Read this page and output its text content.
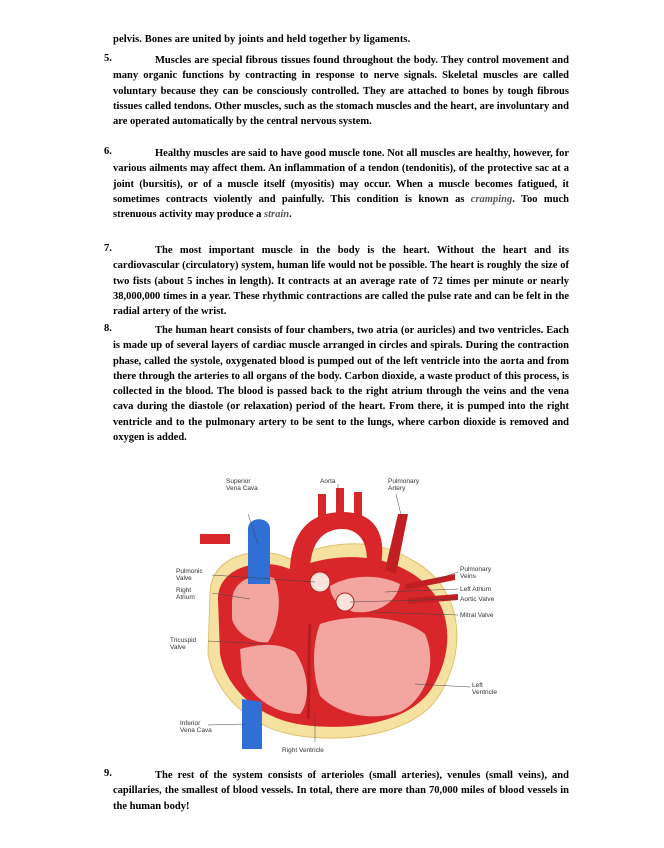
pelvis. Bones are united by joints and held together by ligaments.
5.	Muscles are special fibrous tissues found throughout the body. They control movement and many organic functions by contracting in response to nerve signals. Skeletal muscles are called voluntary because they can be consciously controlled. They are attached to bones by tough fibrous tissues called tendons. Other muscles, such as the stomach muscles and the heart, are involuntary and are operated automatically by the central nervous system.

6.	Healthy muscles are said to have good muscle tone. Not all muscles are healthy, however, for various ailments may affect them. An inflammation of a tendon (tendonitis), of the protective sac at a joint (bursitis), or of a muscle itself (myositis) may occur. When a muscle becomes fatigued, it sometimes contracts violently and painfully. This condition is known as cramping. Too much strenuous activity may produce a strain.

7.	The most important muscle in the body is the heart. Without the heart and its cardiovascular (circulatory) system, human life would not be possible. The heart is roughly the size of two fists (about 5 inches in length). It contracts at an average rate of 72 times per minute or nearly 38,000,000 times in a year. These rhythmic contractions are called the pulse rate and can be felt in the radial artery of the wrist.

8.	The human heart consists of four chambers, two atria (or auricles) and two ventricles. Each is made up of several layers of cardiac muscle arranged in circles and spirals. During the contraction phase, called the systole, oxygenated blood is pumped out of the left ventricle into the aorta and from there through the arteries to all organs of the body. Carbon dioxide, a waste product of this process, is collected in the blood. The blood is passed back to the right atrium through the veins and the vena cava during the diastole (or relaxation) period of the heart. From there, it is pumped into the right ventricle and to the pulmonary artery to be sent to the lungs, where carbon dioxide is removed and oxygen is added.

Superior
Vena Cava
Aorta	Pulmonary
Artery
Pulmonic
Valve
Right
Atrium
Tricuspid
Valve
Inferior
Vena Cava
Right Ventricle
Pulmonary
Veins
Left Atrium
Aortic Valve
Mitral Valve
Left
Ventricle
9.	The rest of the system consists of arterioles (small arteries), venules (small veins), and capillaries, the smallest of blood vessels. In total, there are more than 70,000 miles of blood vessels in the human body!
